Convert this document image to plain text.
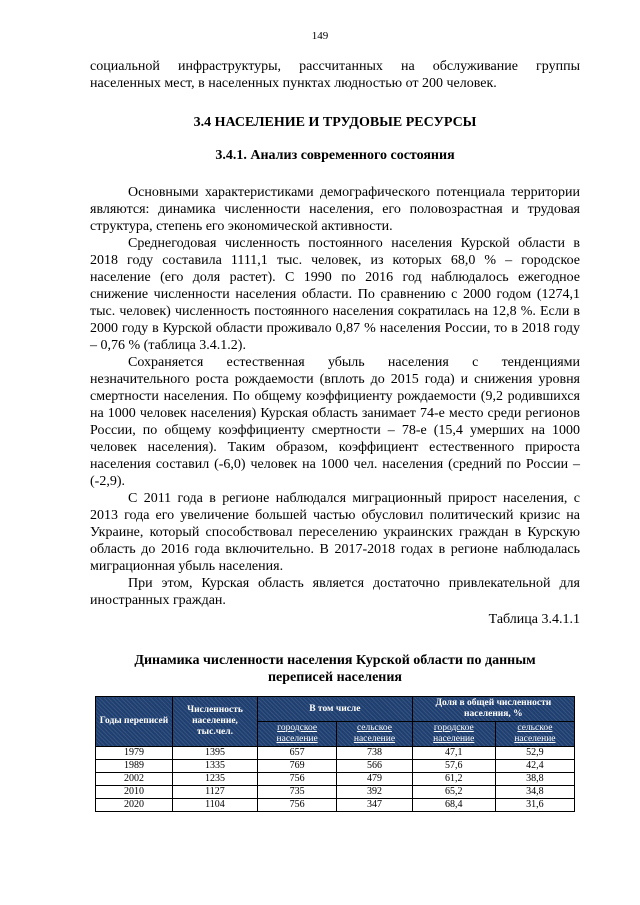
149

социальной инфраструктуры, рассчитанных на обслуживание группы населенных мест, в населенных пунктах людностью от 200 человек.

3.4 НАСЕЛЕНИЕ И ТРУДОВЫЕ РЕСУРСЫ
3.4.1. Анализ современного состояния

Основными характеристиками демографического потенциала территории являются: динамика численности населения, его половозрастная и трудовая структура, степень его экономической активности.

Среднегодовая численность постоянного населения Курской области в 2018 году составила 1111,1 тыс. человек, из которых 68,0 % – городское население (его доля растет). С 1990 по 2016 год наблюдалось ежегодное снижение численности населения области. По сравнению с 2000 годом (1274,1 тыс. человек) численность постоянного населения сократилась на 12,8 %. Если в 2000 году в Курской области проживало 0,87 % населения России, то в 2018 году – 0,76 % (таблица 3.4.1.2).

Сохраняется естественная убыль населения с тенденциями незначительного роста рождаемости (вплоть до 2015 года) и снижения уровня смертности населения. По общему коэффициенту рождаемости (9,2 родившихся на 1000 человек населения) Курская область занимает 74-е место среди регионов России, по общему коэффициенту смертности – 78-е (15,4 умерших на 1000 человек населения). Таким образом, коэффициент естественного прироста населения составил (-6,0) человек на 1000 чел. населения (средний по России – (-2,9).

С 2011 года в регионе наблюдался миграционный прирост населения, с 2013 года его увеличение большей частью обусловил политический кризис на Украине, который способствовал переселению украинских граждан в Курскую область до 2016 года включительно. В 2017-2018 годах в регионе наблюдалась миграционная убыль населения.

При этом, Курская область является достаточно привлекательной для иностранных граждан.

Таблица 3.4.1.1
Динамика численности населения Курской области по данным переписей населения
Годы переписей	Численность население, тыс.чел.	В том числе		Доля в общей численности населения, %	
		городское население	сельское население	городское население	сельское население
1979	1395	657	738	47,1	52,9
1989	1335	769	566	57,6	42,4
2002	1235	756	479	61,2	38,8
2010	1127	735	392	65,2	34,8
2020	1104	756	347	68,4	31,6
